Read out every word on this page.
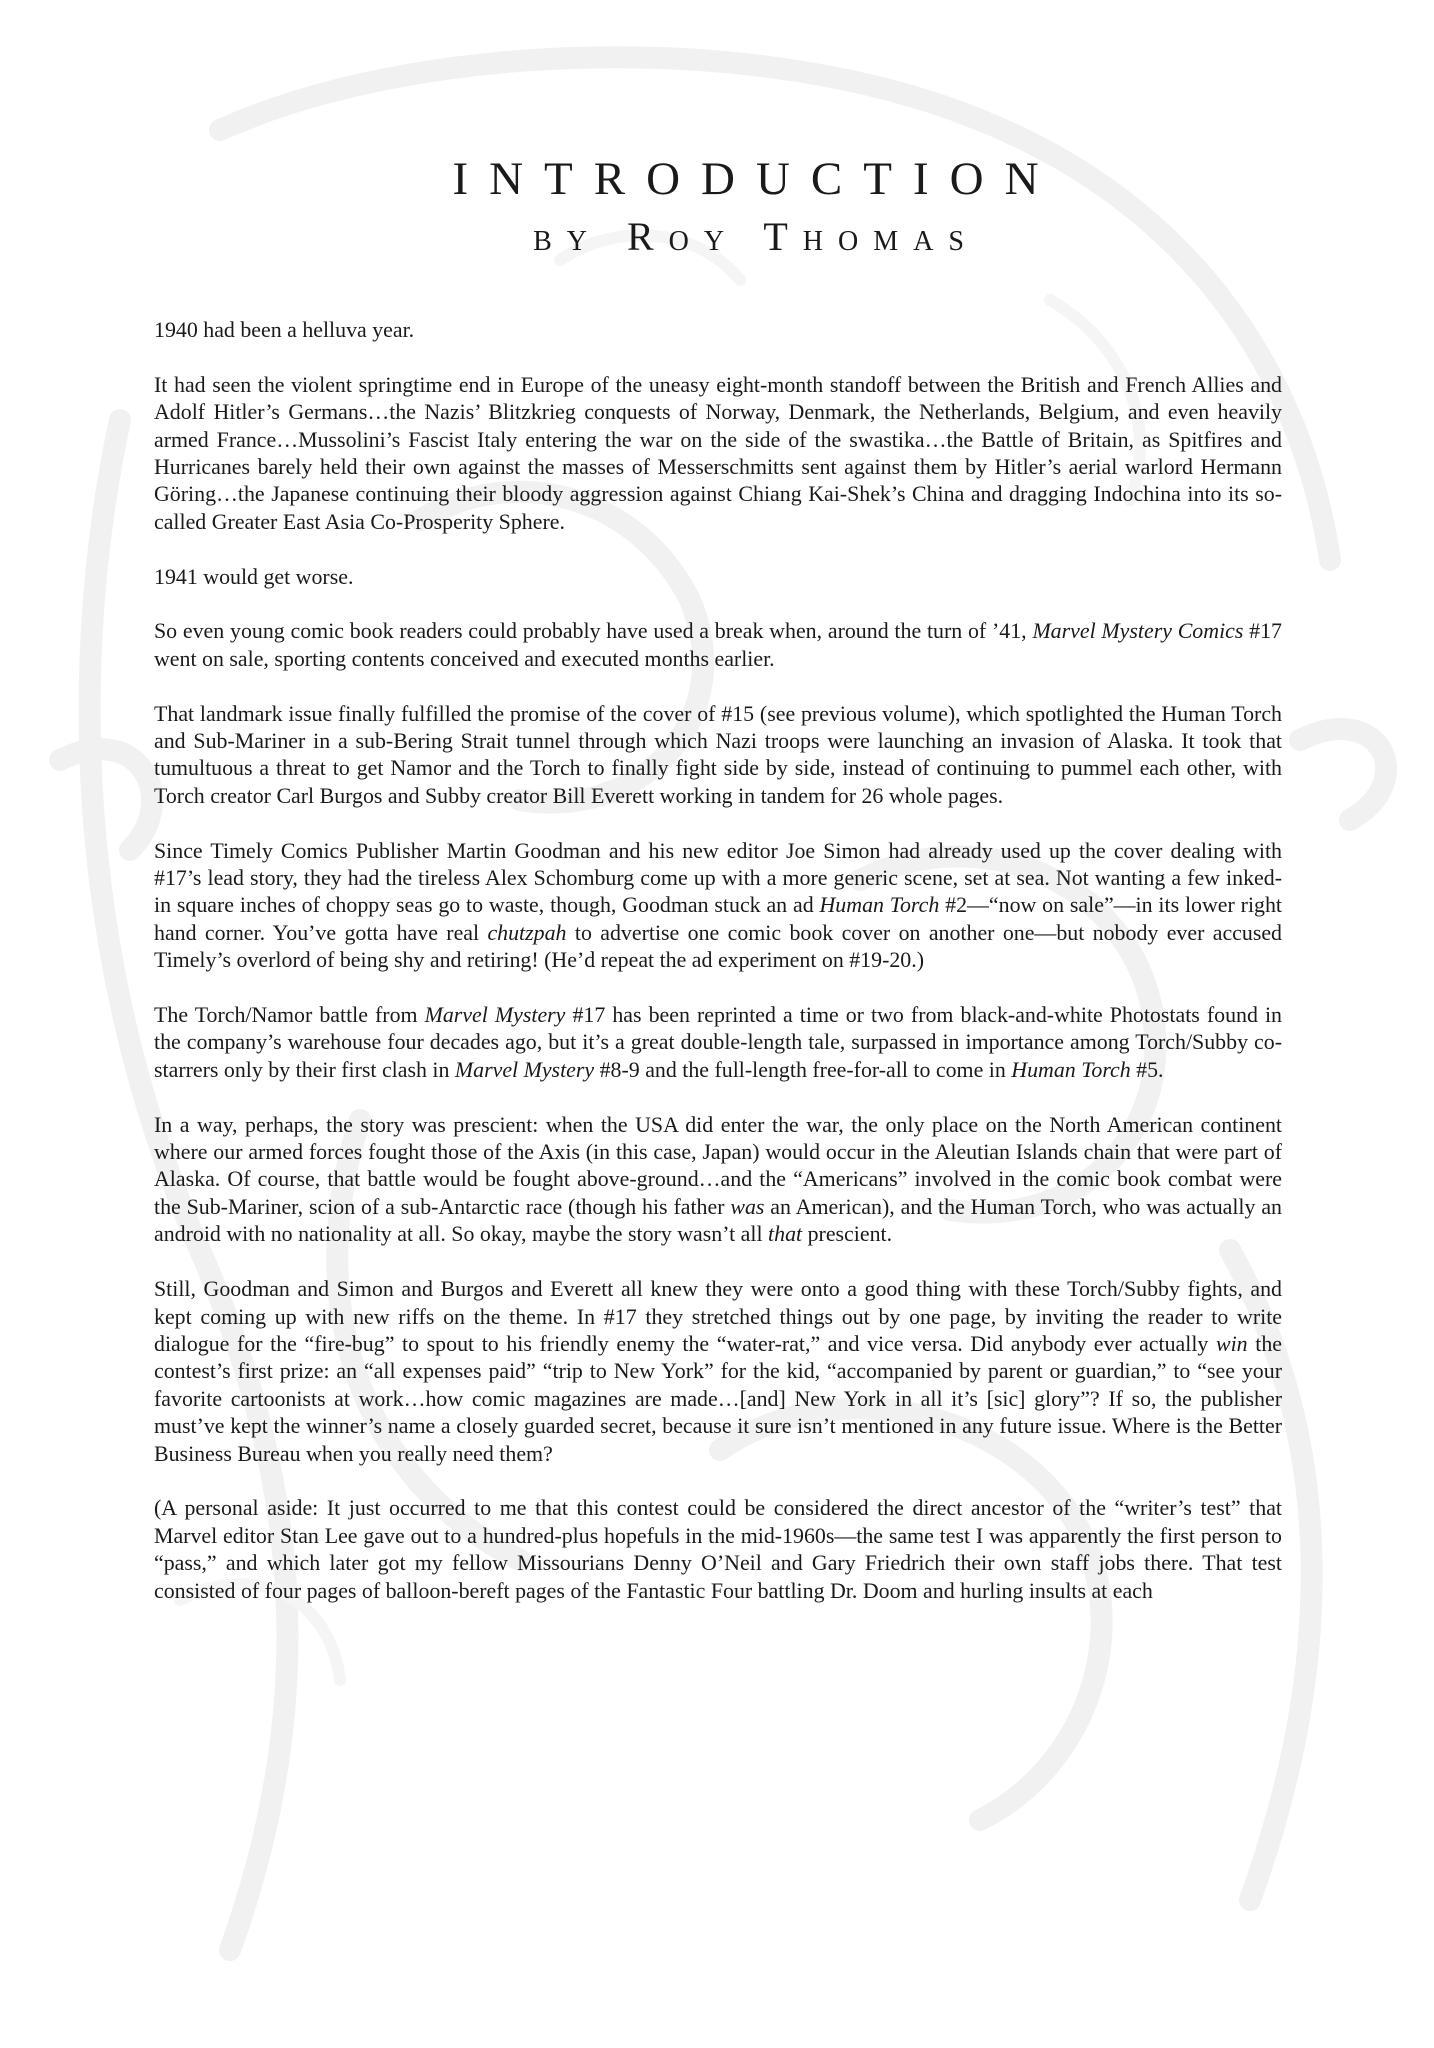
INTRODUCTION
by Roy Thomas

1940 had been a helluva year.

It had seen the violent springtime end in Europe of the uneasy eight-month standoff between the British and French Allies and Adolf Hitler’s Germans…the Nazis’ Blitzkrieg conquests of Norway, Denmark, the Netherlands, Belgium, and even heavily armed France…Mussolini’s Fascist Italy entering the war on the side of the swastika…the Battle of Britain, as Spitfires and Hurricanes barely held their own against the masses of Messerschmitts sent against them by Hitler’s aerial warlord Hermann Göring…the Japanese continuing their bloody aggression against Chiang Kai-Shek’s China and dragging Indochina into its so-called Greater East Asia Co-Prosperity Sphere.

1941 would get worse.

So even young comic book readers could probably have used a break when, around the turn of ’41, Marvel Mystery Comics #17 went on sale, sporting contents conceived and executed months earlier.

That landmark issue finally fulfilled the promise of the cover of #15 (see previous volume), which spotlighted the Human Torch and Sub-Mariner in a sub-Bering Strait tunnel through which Nazi troops were launching an invasion of Alaska. It took that tumultuous a threat to get Namor and the Torch to finally fight side by side, instead of continuing to pummel each other, with Torch creator Carl Burgos and Subby creator Bill Everett working in tandem for 26 whole pages.

Since Timely Comics Publisher Martin Goodman and his new editor Joe Simon had already used up the cover dealing with #17’s lead story, they had the tireless Alex Schomburg come up with a more generic scene, set at sea. Not wanting a few inked-in square inches of choppy seas go to waste, though, Goodman stuck an ad Human Torch #2—“now on sale”—in its lower right hand corner. You’ve gotta have real chutzpah to advertise one comic book cover on another one—but nobody ever accused Timely’s overlord of being shy and retiring! (He’d repeat the ad experiment on #19-20.)

The Torch/Namor battle from Marvel Mystery #17 has been reprinted a time or two from black-and-white Photostats found in the company’s warehouse four decades ago, but it’s a great double-length tale, surpassed in importance among Torch/Subby co-starrers only by their first clash in Marvel Mystery #8-9 and the full-length free-for-all to come in Human Torch #5.

In a way, perhaps, the story was prescient: when the USA did enter the war, the only place on the North American continent where our armed forces fought those of the Axis (in this case, Japan) would occur in the Aleutian Islands chain that were part of Alaska. Of course, that battle would be fought above-ground…and the “Americans” involved in the comic book combat were the Sub-Mariner, scion of a sub-Antarctic race (though his father was an American), and the Human Torch, who was actually an android with no nationality at all. So okay, maybe the story wasn’t all that prescient.

Still, Goodman and Simon and Burgos and Everett all knew they were onto a good thing with these Torch/Subby fights, and kept coming up with new riffs on the theme. In #17 they stretched things out by one page, by inviting the reader to write dialogue for the “fire-bug” to spout to his friendly enemy the “water-rat,” and vice versa. Did anybody ever actually win the contest’s first prize: an “all expenses paid” “trip to New York” for the kid, “accompanied by parent or guardian,” to “see your favorite cartoonists at work…how comic magazines are made…[and] New York in all it’s [sic] glory”? If so, the publisher must’ve kept the winner’s name a closely guarded secret, because it sure isn’t mentioned in any future issue. Where is the Better Business Bureau when you really need them?

(A personal aside: It just occurred to me that this contest could be considered the direct ancestor of the “writer’s test” that Marvel editor Stan Lee gave out to a hundred-plus hopefuls in the mid-1960s—the same test I was apparently the first person to “pass,” and which later got my fellow Missourians Denny O’Neil and Gary Friedrich their own staff jobs there. That test consisted of four pages of balloon-bereft pages of the Fantastic Four battling Dr. Doom and hurling insults at each
